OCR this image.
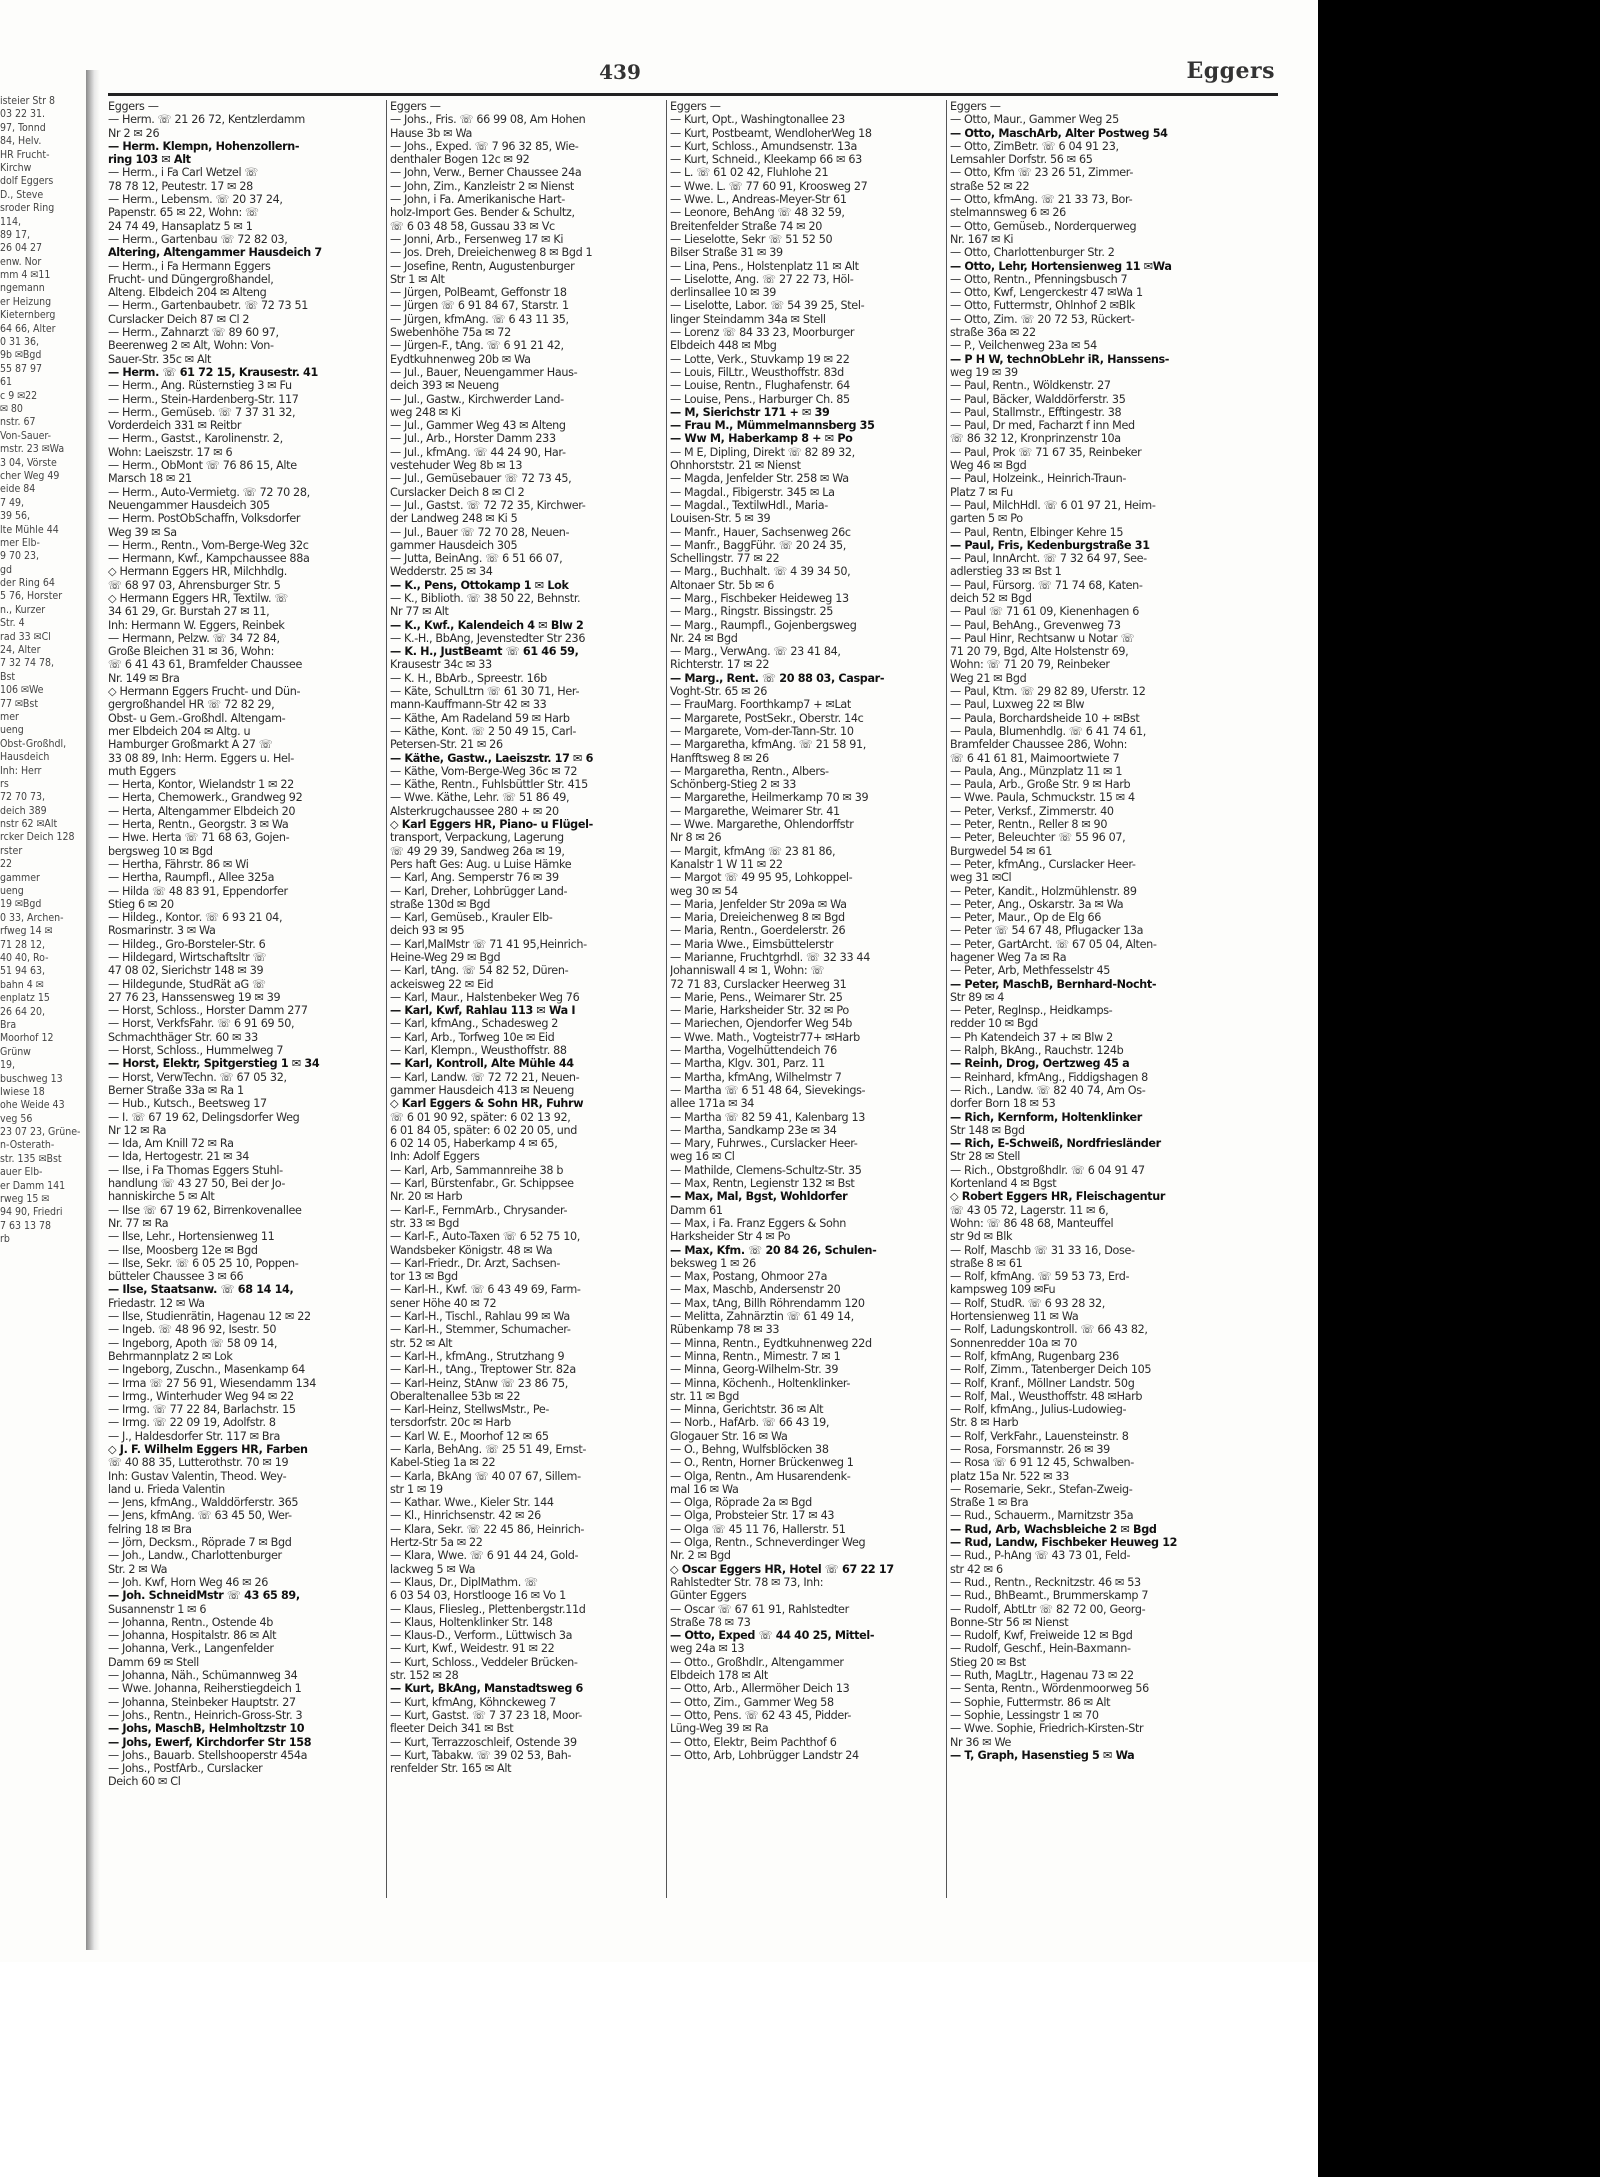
isteier Str 8
03 22 31.
97, Tonnd
84, Helv.
HR Frucht-
Kirchw
dolf Eggers
D., Steve
sroder Ring
114,
89 17,
26 04 27
enw. Nor
mm 4 ✉11
ngemann
er Heizung
Kieternberg
64 66, Alter
0 31 36,
9b ✉Bgd
55 87 97
61
c 9 ✉22
✉ 80
nstr. 67
Von-Sauer-
mstr. 23 ✉Wa
3 04, Vörste
cher Weg 49
eide 84
7 49,
39 56,
lte Mühle 44
mer Elb-
9 70 23,
gd
der Ring 64
5 76, Horster
n., Kurzer
Str. 4
rad 33 ✉Cl
24, Alter
7 32 74 78,
Bst
106 ✉We
77 ✉Bst
mer
ueng
Obst-Großhdl,
Hausdeich
Inh: Herr
rs
72 70 73,
deich 389
nstr 62 ✉Alt
rcker Deich 128
rster
22
gammer
ueng
19 ✉Bgd
0 33, Archen-
rfweg 14 ✉
71 28 12,
40 40, Ro-
51 94 63,
bahn 4 ✉
enplatz 15
26 64 20,
Bra
Moorhof 12
Grünw
19,
buschweg 13
Iwiese 18
ohe Weide 43
veg 56
23 07 23, Grüne-
n-Osterath-
str. 135 ✉Bst
auer Elb-
er Damm 141
rweg 15 ✉
94 90, Friedri
7 63 13 78
rb
439	Eggers
Eggers —
— Herm. ☏ 21 26 72, Kentzlerdamm
Nr 2 ✉ 26
— Herm. Klempn, Hohenzollern-
ring 103 ✉ Alt
— Herm., i Fa Carl Wetzel ☏
78 78 12, Peutestr. 17 ✉ 28
— Herm., Lebensm. ☏ 20 37 24,
Papenstr. 65 ✉ 22, Wohn: ☏
24 74 49, Hansaplatz 5 ✉ 1
— Herm., Gartenbau ☏ 72 82 03,
Altering, Altengammer Hausdeich 7
— Herm., i Fa Hermann Eggers
Frucht- und Düngergroßhandel,
Alteng. Elbdeich 204 ✉ Alteng
— Herm., Gartenbaubetr. ☏ 72 73 51
Curslacker Deich 87 ✉ Cl 2
— Herm., Zahnarzt ☏ 89 60 97,
Beerenweg 2 ✉ Alt, Wohn: Von-
Sauer-Str. 35c ✉ Alt
— Herm. ☏ 61 72 15, Krausestr. 41
— Herm., Ang. Rüsternstieg 3 ✉ Fu
— Herm., Stein-Hardenberg-Str. 117
— Herm., Gemüseb. ☏ 7 37 31 32,
Vorderdeich 331 ✉ Reitbr
— Herm., Gastst., Karolinenstr. 2,
Wohn: Laeiszstr. 17 ✉ 6
— Herm., ObMont ☏ 76 86 15, Alte
Marsch 18 ✉ 21
— Herm., Auto-Vermietg. ☏ 72 70 28,
Neuengammer Hausdeich 305
— Herm. PostObSchaffn, Volksdorfer
Weg 39 ✉ Sa
— Herm., Rentn., Vom-Berge-Weg 32c
— Hermann, Kwf., Kampchaussee 88a
◇ Hermann Eggers HR, Milchhdlg.
☏ 68 97 03, Ahrensburger Str. 5
◇ Hermann Eggers HR, Textilw. ☏
34 61 29, Gr. Burstah 27 ✉ 11,
Inh: Hermann W. Eggers, Reinbek
— Hermann, Pelzw. ☏ 34 72 84,
Große Bleichen 31 ✉ 36, Wohn:
☏ 6 41 43 61, Bramfelder Chaussee
Nr. 149 ✉ Bra
◇ Hermann Eggers Frucht- und Dün-
gergroßhandel HR ☏ 72 82 29,
Obst- u Gem.-Großhdl. Altengam-
mer Elbdeich 204 ✉ Altg. u
Hamburger Großmarkt A 27 ☏
33 08 89, Inh: Herm. Eggers u. Hel-
muth Eggers
— Herta, Kontor, Wielandstr 1 ✉ 22
— Herta, Chemowerk., Grandweg 92
— Herta, Altengammer Elbdeich 20
— Herta, Rentn., Georgstr. 3 ✉ Wa
— Hwe. Herta ☏ 71 68 63, Gojen-
bergsweg 10 ✉ Bgd
— Hertha, Fährstr. 86 ✉ Wi
— Hertha, Raumpfl., Allee 325a
— Hilda ☏ 48 83 91, Eppendorfer
Stieg 6 ✉ 20
— Hildeg., Kontor. ☏ 6 93 21 04,
Rosmarinstr. 3 ✉ Wa
— Hildeg., Gro-Borsteler-Str. 6
— Hildegard, Wirtschaftsltr ☏
47 08 02, Sierichstr 148 ✉ 39
— Hildegunde, StudRät aG ☏
27 76 23, Hanssensweg 19 ✉ 39
— Horst, Schloss., Horster Damm 277
— Horst, VerkfsFahr. ☏ 6 91 69 50,
Schmachthäger Str. 60 ✉ 33
— Horst, Schloss., Hummelweg 7
— Horst, Elektr, Spitgerstieg 1 ✉ 34
— Horst, VerwTechn. ☏ 67 05 32,
Berner Straße 33a ✉ Ra 1
— Hub., Kutsch., Beetsweg 17
— I. ☏ 67 19 62, Delingsdorfer Weg
Nr 12 ✉ Ra
— Ida, Am Knill 72 ✉ Ra
— Ida, Hertogestr. 21 ✉ 34
— Ilse, i Fa Thomas Eggers Stuhl-
handlung ☏ 43 27 50, Bei der Jo-
hanniskirche 5 ✉ Alt
— Ilse ☏ 67 19 62, Birrenkovenallee
Nr. 77 ✉ Ra
— Ilse, Lehr., Hortensienweg 11
— Ilse, Moosberg 12e ✉ Bgd
— Ilse, Sekr. ☏ 6 05 25 10, Poppen-
bütteler Chaussee 3 ✉ 66
— Ilse, Staatsanw. ☏ 68 14 14,
Friedastr. 12 ✉ Wa
— Ilse, Studienrätin, Hagenau 12 ✉ 22
— Ingeb. ☏ 48 96 92, Isestr. 50
— Ingeborg, Apoth ☏ 58 09 14,
Behrmannplatz 2 ✉ Lok
— Ingeborg, Zuschn., Masenkamp 64
— Irma ☏ 27 56 91, Wiesendamm 134
— Irmg., Winterhuder Weg 94 ✉ 22
— Irmg. ☏ 77 22 84, Barlachstr. 15
— Irmg. ☏ 22 09 19, Adolfstr. 8
— J., Haldesdorfer Str. 117 ✉ Bra
◇ J. F. Wilhelm Eggers HR, Farben
☏ 40 88 35, Lutterothstr. 70 ✉ 19
Inh: Gustav Valentin, Theod. Wey-
land u. Frieda Valentin
— Jens, kfmAng., Walddörferstr. 365
— Jens, kfmAng. ☏ 63 45 50, Wer-
felring 18 ✉ Bra
— Jörn, Decksm., Röprade 7 ✉ Bgd
— Joh., Landw., Charlottenburger
Str. 2 ✉ Wa
— Joh. Kwf, Horn Weg 46 ✉ 26
— Joh. SchneidMstr ☏ 43 65 89,
Susannenstr 1 ✉ 6
— Johanna, Rentn., Ostende 4b
— Johanna, Hospitalstr. 86 ✉ Alt
— Johanna, Verk., Langenfelder
Damm 69 ✉ Stell
— Johanna, Näh., Schümannweg 34
— Wwe. Johanna, Reiherstiegdeich 1
— Johanna, Steinbeker Hauptstr. 27
— Johs., Rentn., Heinrich-Gross-Str. 3
— Johs, MaschB, Helmholtzstr 10
— Johs, Ewerf, Kirchdorfer Str 158
— Johs., Bauarb. Stellshooperstr 454a
— Johs., PostfArb., Curslacker
Deich 60 ✉ Cl
Eggers —
— Johs., Fris. ☏ 66 99 08, Am Hohen
Hause 3b ✉ Wa
— Johs., Exped. ☏ 7 96 32 85, Wie-
denthaler Bogen 12c ✉ 92
— John, Verw., Berner Chaussee 24a
— John, Zim., Kanzleistr 2 ✉ Nienst
— John, i Fa. Amerikanische Hart-
holz-Import Ges. Bender & Schultz,
☏ 6 03 48 58, Gussau 33 ✉ Vc
— Jonni, Arb., Fersenweg 17 ✉ Ki
— Jos. Dreh, Dreieichenweg 8 ✉ Bgd 1
— Josefine, Rentn, Augustenburger
Str 1 ✉ Alt
— Jürgen, PolBeamt, Geffonstr 18
— Jürgen ☏ 6 91 84 67, Starstr. 1
— Jürgen, kfmAng. ☏ 6 43 11 35,
Swebenhöhe 75a ✉ 72
— Jürgen-F., tAng. ☏ 6 91 21 42,
Eydtkuhnenweg 20b ✉ Wa
— Jul., Bauer, Neuengammer Haus-
deich 393 ✉ Neueng
— Jul., Gastw., Kirchwerder Land-
weg 248 ✉ Ki
— Jul., Gammer Weg 43 ✉ Alteng
— Jul., Arb., Horster Damm 233
— Jul., kfmAng. ☏ 44 24 90, Har-
vestehuder Weg 8b ✉ 13
— Jul., Gemüsebauer ☏ 72 73 45,
Curslacker Deich 8 ✉ Cl 2
— Jul., Gastst. ☏ 72 72 35, Kirchwer-
der Landweg 248 ✉ Ki 5
— Jul., Bauer ☏ 72 70 28, Neuen-
gammer Hausdeich 305
— Jutta, BeinAng. ☏ 6 51 66 07,
Wedderstr. 25 ✉ 34
— K., Pens, Ottokamp 1 ✉ Lok
— K., Biblioth. ☏ 38 50 22, Behnstr.
Nr 77 ✉ Alt
— K., Kwf., Kalendeich 4 ✉ Blw 2
— K.-H., BbAng, Jevenstedter Str 236
— K. H., JustBeamt ☏ 61 46 59,
Krausestr 34c ✉ 33
— K. H., BbArb., Spreestr. 16b
— Käte, SchulLtrn ☏ 61 30 71, Her-
mann-Kauffmann-Str 42 ✉ 33
— Käthe, Am Radeland 59 ✉ Harb
— Käthe, Kont. ☏ 2 50 49 15, Carl-
Petersen-Str. 21 ✉ 26
— Käthe, Gastw., Laeiszstr. 17 ✉ 6
— Käthe, Vom-Berge-Weg 36c ✉ 72
— Käthe, Rentn., Fuhlsbüttler Str. 415
— Wwe. Käthe, Lehr. ☏ 51 86 49,
Alsterkrugchaussee 280 + ✉ 20
◇ Karl Eggers HR, Piano- u Flügel-
transport, Verpackung, Lagerung
☏ 49 29 39, Sandweg 26a ✉ 19,
Pers haft Ges: Aug. u Luise Hämke
— Karl, Ang. Semperstr 76 ✉ 39
— Karl, Dreher, Lohbrügger Land-
straße 130d ✉ Bgd
— Karl, Gemüseb., Krauler Elb-
deich 93 ✉ 95
— Karl,MalMstr ☏ 71 41 95,Heinrich-
Heine-Weg 29 ✉ Bgd
— Karl, tAng. ☏ 54 82 52, Düren-
ackeisweg 22 ✉ Eid
— Karl, Maur., Halstenbeker Weg 76
— Karl, Kwf, Rahlau 113 ✉ Wa I
— Karl, kfmAng., Schadesweg 2
— Karl, Arb., Torfweg 10e ✉ Eid
— Karl, Klempn., Weusthoffstr. 88
— Karl, Kontroll, Alte Mühle 44
— Karl, Landw. ☏ 72 72 21, Neuen-
gammer Hausdeich 413 ✉ Neueng
◇ Karl Eggers & Sohn HR, Fuhrw
☏ 6 01 90 92, später: 6 02 13 92,
6 01 84 05, später: 6 02 20 05, und
6 02 14 05, Haberkamp 4 ✉ 65,
Inh: Adolf Eggers
— Karl, Arb, Sammannreihe 38 b
— Karl, Bürstenfabr., Gr. Schippsee
Nr. 20 ✉ Harb
— Karl-F., FernmArb., Chrysander-
str. 33 ✉ Bgd
— Karl-F., Auto-Taxen ☏ 6 52 75 10,
Wandsbeker Königstr. 48 ✉ Wa
— Karl-Friedr., Dr. Arzt, Sachsen-
tor 13 ✉ Bgd
— Karl-H., Kwf. ☏ 6 43 49 69, Farm-
sener Höhe 40 ✉ 72
— Karl-H., Tischl., Rahlau 99 ✉ Wa
— Karl-H., Stemmer, Schumacher-
str. 52 ✉ Alt
— Karl-H., kfmAng., Strutzhang 9
— Karl-H., tAng., Treptower Str. 82a
— Karl-Heinz, StAnw ☏ 23 86 75,
Oberaltenallee 53b ✉ 22
— Karl-Heinz, StellwsMstr., Pe-
tersdorfstr. 20c ✉ Harb
— Karl W. E., Moorhof 12 ✉ 65
— Karla, BehAng. ☏ 25 51 49, Ernst-
Kabel-Stieg 1a ✉ 22
— Karla, BkAng ☏ 40 07 67, Sillem-
str 1 ✉ 19
— Kathar. Wwe., Kieler Str. 144
— Kl., Hinrichsenstr. 42 ✉ 26
— Klara, Sekr. ☏ 22 45 86, Heinrich-
Hertz-Str 5a ✉ 22
— Klara, Wwe. ☏ 6 91 44 24, Gold-
lackweg 5 ✉ Wa
— Klaus, Dr., DiplMathm. ☏
6 03 54 03, Horstlooge 16 ✉ Vo 1
— Klaus, Fliesleg., Plettenbergstr.11d
— Klaus, Holtenklinker Str. 148
— Klaus-D., Verform., Lüttwisch 3a
— Kurt, Kwf., Weidestr. 91 ✉ 22
— Kurt, Schloss., Veddeler Brücken-
str. 152 ✉ 28
— Kurt, BkAng, Manstadtsweg 6
— Kurt, kfmAng, Köhnckeweg 7
— Kurt, Gastst. ☏ 7 37 23 18, Moor-
fleeter Deich 341 ✉ Bst
— Kurt, Terrazzoschleif, Ostende 39
— Kurt, Tabakw. ☏ 39 02 53, Bah-
renfelder Str. 165 ✉ Alt
Eggers —
— Kurt, Opt., Washingtonallee 23
— Kurt, Postbeamt, WendloherWeg 18
— Kurt, Schloss., Amundsenstr. 13a
— Kurt, Schneid., Kleekamp 66 ✉ 63
— L. ☏ 61 02 42, Fluhlohe 21
— Wwe. L. ☏ 77 60 91, Kroosweg 27
— Wwe. L., Andreas-Meyer-Str 61
— Leonore, BehAng ☏ 48 32 59,
Breitenfelder Straße 74 ✉ 20
— Lieselotte, Sekr ☏ 51 52 50
Bilser Straße 31 ✉ 39
— Lina, Pens., Holstenplatz 11 ✉ Alt
— Liselotte, Ang. ☏ 27 22 73, Höl-
derlinsallee 10 ✉ 39
— Liselotte, Labor. ☏ 54 39 25, Stel-
linger Steindamm 34a ✉ Stell
— Lorenz ☏ 84 33 23, Moorburger
Elbdeich 448 ✉ Mbg
— Lotte, Verk., Stuvkamp 19 ✉ 22
— Louis, FilLtr., Weusthoffstr. 83d
— Louise, Rentn., Flughafenstr. 64
— Louise, Pens., Harburger Ch. 85
— M, Sierichstr 171 + ✉ 39
— Frau M., Mümmelmannsberg 35
— Ww M, Haberkamp 8 + ✉ Po
— M E, Dipling, Direkt ☏ 82 89 32,
Ohnhorststr. 21 ✉ Nienst
— Magda, Jenfelder Str. 258 ✉ Wa
— Magdal., Fibigerstr. 345 ✉ La
— Magdal., TextilwHdl., Maria-
Louisen-Str. 5 ✉ 39
— Manfr., Hauer, Sachsenweg 26c
— Manfr., BaggFühr. ☏ 20 24 35,
Schellingstr. 77 ✉ 22
— Marg., Buchhalt. ☏ 4 39 34 50,
Altonaer Str. 5b ✉ 6
— Marg., Fischbeker Heideweg 13
— Marg., Ringstr. Bissingstr. 25
— Marg., Raumpfl., Gojenbergsweg
Nr. 24 ✉ Bgd
— Marg., VerwAng. ☏ 23 41 84,
Richterstr. 17 ✉ 22
— Marg., Rent. ☏ 20 88 03, Caspar-
Voght-Str. 65 ✉ 26
— FrauMarg. Foorthkamp7 + ✉Lat
— Margarete, PostSekr., Oberstr. 14c
— Margarete, Vom-der-Tann-Str. 10
— Margaretha, kfmAng. ☏ 21 58 91,
Hanfftsweg 8 ✉ 26
— Margaretha, Rentn., Albers-
Schönberg-Stieg 2 ✉ 33
— Margarethe, Heilmerkamp 70 ✉ 39
— Margarethe, Weimarer Str. 41
— Wwe. Margarethe, Ohlendorffstr
Nr 8 ✉ 26
— Margit, kfmAng ☏ 23 81 86,
Kanalstr 1 W 11 ✉ 22
— Margot ☏ 49 95 95, Lohkoppel-
weg 30 ✉ 54
— Maria, Jenfelder Str 209a ✉ Wa
— Maria, Dreieichenweg 8 ✉ Bgd
— Maria, Rentn., Goerdelerstr. 26
— Maria Wwe., Eimsbüttelerstr
— Marianne, Fruchtgrhdl. ☏ 32 33 44
Johanniswall 4 ✉ 1, Wohn: ☏
72 71 83, Curslacker Heerweg 31
— Marie, Pens., Weimarer Str. 25
— Marie, Harksheider Str. 32 ✉ Po
— Mariechen, Ojendorfer Weg 54b
— Wwe. Math., Vogteistr77+ ✉Harb
— Martha, Vogelhüttendeich 76
— Martha, Klgv. 301, Parz. 11
— Martha, kfmAng, Wilhelmstr 7
— Martha ☏ 6 51 48 64, Sievekings-
allee 171a ✉ 34
— Martha ☏ 82 59 41, Kalenbarg 13
— Martha, Sandkamp 23e ✉ 34
— Mary, Fuhrwes., Curslacker Heer-
weg 16 ✉ Cl
— Mathilde, Clemens-Schultz-Str. 35
— Max, Rentn, Legienstr 132 ✉ Bst
— Max, Mal, Bgst, Wohldorfer
Damm 61
— Max, i Fa. Franz Eggers & Sohn
Harksheider Str 4 ✉ Po
— Max, Kfm. ☏ 20 84 26, Schulen-
beksweg 1 ✉ 26
— Max, Postang, Ohmoor 27a
— Max, Maschb, Andersenstr 20
— Max, tAng, Billh Röhrendamm 120
— Melitta, Zahnärztin ☏ 61 49 14,
Rübenkamp 78 ✉ 33
— Minna, Rentn., Eydtkuhnenweg 22d
— Minna, Rentn., Mimestr. 7 ✉ 1
— Minna, Georg-Wilhelm-Str. 39
— Minna, Köchenh., Holtenklinker-
str. 11 ✉ Bgd
— Minna, Gerichtstr. 36 ✉ Alt
— Norb., HafArb. ☏ 66 43 19,
Glogauer Str. 16 ✉ Wa
— O., Behng, Wulfsblöcken 38
— O., Rentn, Horner Brückenweg 1
— Olga, Rentn., Am Husarendenk-
mal 16 ✉ Wa
— Olga, Röprade 2a ✉ Bgd
— Olga, Probsteier Str. 17 ✉ 43
— Olga ☏ 45 11 76, Hallerstr. 51
— Olga, Rentn., Schneverdinger Weg
Nr. 2 ✉ Bgd
◇ Oscar Eggers HR, Hotel ☏ 67 22 17
Rahlstedter Str. 78 ✉ 73, Inh:
Günter Eggers
— Oscar ☏ 67 61 91, Rahlstedter
Straße 78 ✉ 73
— Otto, Exped ☏ 44 40 25, Mittel-
weg 24a ✉ 13
— Otto., Großhdlr., Altengammer
Elbdeich 178 ✉ Alt
— Otto, Arb., Allermöher Deich 13
— Otto, Zim., Gammer Weg 58
— Otto, Pens. ☏ 62 43 45, Pidder-
Lüng-Weg 39 ✉ Ra
— Otto, Elektr, Beim Pachthof 6
— Otto, Arb, Lohbrügger Landstr 24
Eggers —
— Otto, Maur., Gammer Weg 25
— Otto, MaschArb, Alter Postweg 54
— Otto, ZimBetr. ☏ 6 04 91 23,
Lemsahler Dorfstr. 56 ✉ 65
— Otto, Kfm ☏ 23 26 51, Zimmer-
straße 52 ✉ 22
— Otto, kfmAng. ☏ 21 33 73, Bor-
stelmannsweg 6 ✉ 26
— Otto, Gemüseb., Norderquerweg
Nr. 167 ✉ Ki
— Otto, Charlottenburger Str. 2
— Otto, Lehr, Hortensienweg 11 ✉Wa
— Otto, Rentn., Pfenningsbusch 7
— Otto, Kwf, Lengerckestr 47 ✉Wa 1
— Otto, Futtermstr, Ohlnhof 2 ✉Blk
— Otto, Zim. ☏ 20 72 53, Rückert-
straße 36a ✉ 22
— P., Veilchenweg 23a ✉ 54
— P H W, technObLehr iR, Hanssens-
weg 19 ✉ 39
— Paul, Rentn., Wöldkenstr. 27
— Paul, Bäcker, Walddörferstr. 35
— Paul, Stallmstr., Efftingestr. 38
— Paul, Dr med, Facharzt f inn Med
☏ 86 32 12, Kronprinzenstr 10a
— Paul, Prok ☏ 71 67 35, Reinbeker
Weg 46 ✉ Bgd
— Paul, Holzeink., Heinrich-Traun-
Platz 7 ✉ Fu
— Paul, MilchHdl. ☏ 6 01 97 21, Heim-
garten 5 ✉ Po
— Paul, Rentn, Elbinger Kehre 15
— Paul, Fris, Kedenburgstraße 31
— Paul, InnArcht. ☏ 7 32 64 97, See-
adlerstieg 33 ✉ Bst 1
— Paul, Fürsorg. ☏ 71 74 68, Katen-
deich 52 ✉ Bgd
— Paul ☏ 71 61 09, Kienenhagen 6
— Paul, BehAng., Grevenweg 73
— Paul Hinr, Rechtsanw u Notar ☏
71 20 79, Bgd, Alte Holstenstr 69,
Wohn: ☏ 71 20 79, Reinbeker
Weg 21 ✉ Bgd
— Paul, Ktm. ☏ 29 82 89, Uferstr. 12
— Paul, Luxweg 22 ✉ Blw
— Paula, Borchardsheide 10 + ✉Bst
— Paula, Blumenhdlg. ☏ 6 41 74 61,
Bramfelder Chaussee 286, Wohn:
☏ 6 41 61 81, Maimoortwiete 7
— Paula, Ang., Münzplatz 11 ✉ 1
— Paula, Arb., Große Str. 9 ✉ Harb
— Wwe. Paula, Schmuckstr. 15 ✉ 4
— Peter, Verksf., Zimmerstr. 40
— Peter, Rentn., Reller 8 ✉ 90
— Peter, Beleuchter ☏ 55 96 07,
Burgwedel 54 ✉ 61
— Peter, kfmAng., Curslacker Heer-
weg 31 ✉Cl
— Peter, Kandit., Holzmühlenstr. 89
— Peter, Ang., Oskarstr. 3a ✉ Wa
— Peter, Maur., Op de Elg 66
— Peter ☏ 54 67 48, Pflugacker 13a
— Peter, GartArcht. ☏ 67 05 04, Alten-
hagener Weg 7a ✉ Ra
— Peter, Arb, Methfesselstr 45
— Peter, MaschB, Bernhard-Nocht-
Str 89 ✉ 4
— Peter, Reglnsp., Heidkamps-
redder 10 ✉ Bgd
— Ph Katendeich 37 + ✉ Blw 2
— Ralph, BkAng., Rauchstr. 124b
— Reinh, Drog, Oertzweg 45 a
— Reinhard, kfmAng., Fiddigshagen 8
— Rich., Landw. ☏ 82 40 74, Am Os-
dorfer Born 18 ✉ 53
— Rich, Kernform, Holtenklinker
Str 148 ✉ Bgd
— Rich, E-Schweiß, Nordfriesländer
Str 28 ✉ Stell
— Rich., Obstgroßhdlr. ☏ 6 04 91 47
Kortenland 4 ✉ Bgst
◇ Robert Eggers HR, Fleischagentur
☏ 43 05 72, Lagerstr. 11 ✉ 6,
Wohn: ☏ 86 48 68, Manteuffel
str 9d ✉ Blk
— Rolf, Maschb ☏ 31 33 16, Dose-
straße 8 ✉ 61
— Rolf, kfmAng. ☏ 59 53 73, Erd-
kampsweg 109 ✉Fu
— Rolf, StudR. ☏ 6 93 28 32,
Hortensienweg 11 ✉ Wa
— Rolf, Ladungskontroll. ☏ 66 43 82,
Sonnenredder 10a ✉ 70
— Rolf, kfmAng, Rugenbarg 236
— Rolf, Zimm., Tatenberger Deich 105
— Rolf, Kranf., Möllner Landstr. 50g
— Rolf, Mal., Weusthoffstr. 48 ✉Harb
— Rolf, kfmAng., Julius-Ludowieg-
Str. 8 ✉ Harb
— Rolf, VerkFahr., Lauensteinstr. 8
— Rosa, Forsmannstr. 26 ✉ 39
— Rosa ☏ 6 91 12 45, Schwalben-
platz 15a Nr. 522 ✉ 33
— Rosemarie, Sekr., Stefan-Zweig-
Straße 1 ✉ Bra
— Rud., Schauerm., Marnitzstr 35a
— Rud, Arb, Wachsbleiche 2 ✉ Bgd
— Rud, Landw, Fischbeker Heuweg 12
— Rud., P-hAng ☏ 43 73 01, Feld-
str 42 ✉ 6
— Rud., Rentn., Recknitzstr. 46 ✉ 53
— Rud., BhBeamt., Brummerskamp 7
— Rudolf, AbtLtr ☏ 82 72 00, Georg-
Bonne-Str 56 ✉ Nienst
— Rudolf, Kwf, Freiweide 12 ✉ Bgd
— Rudolf, Geschf., Hein-Baxmann-
Stieg 20 ✉ Bst
— Ruth, MagLtr., Hagenau 73 ✉ 22
— Senta, Rentn., Wördenmoorweg 56
— Sophie, Futtermstr. 86 ✉ Alt
— Sophie, Lessingstr 1 ✉ 70
— Wwe. Sophie, Friedrich-Kirsten-Str
Nr 36 ✉ We
— T, Graph, Hasenstieg 5 ✉ Wa
